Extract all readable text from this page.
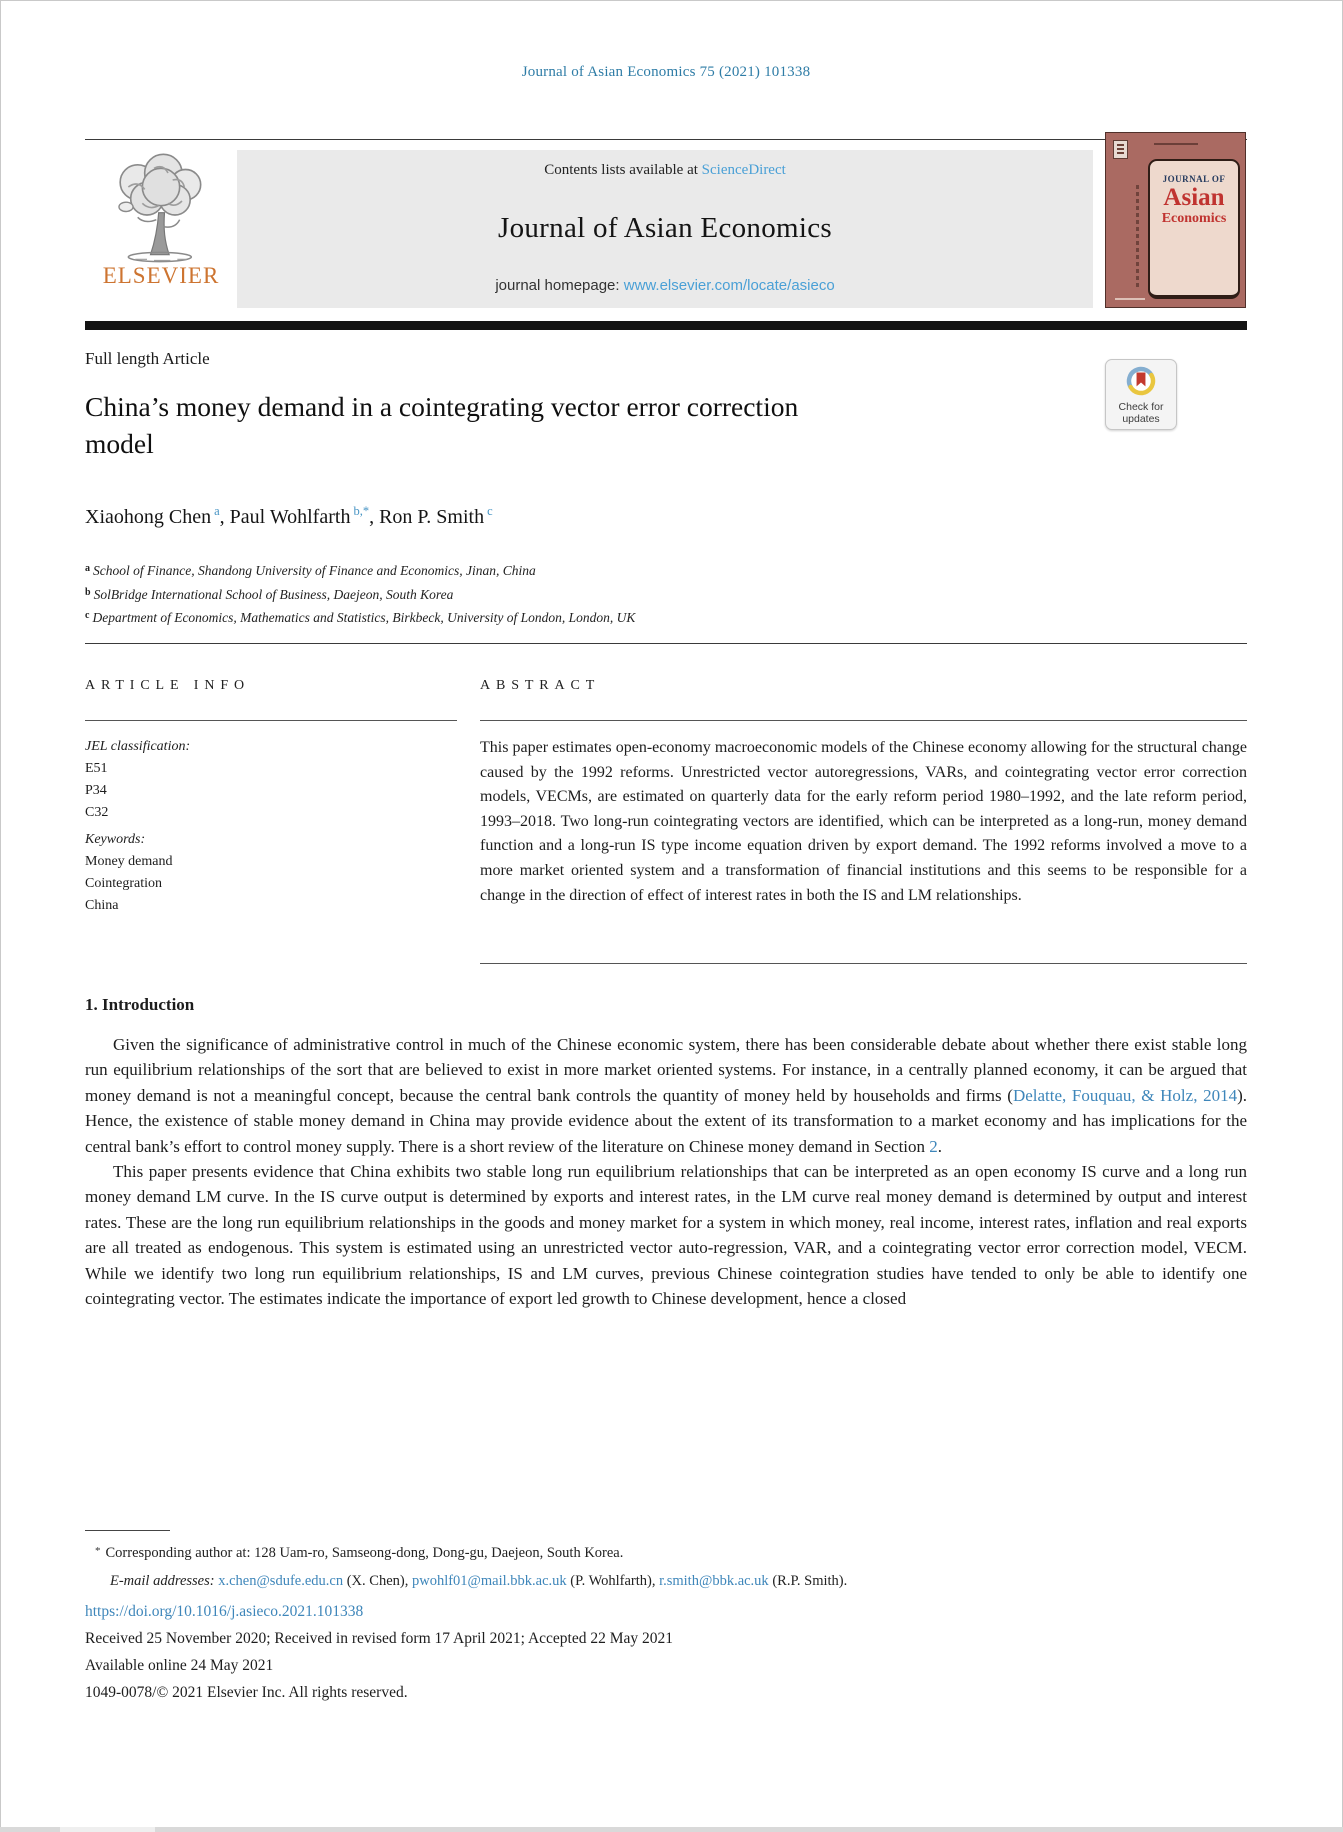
Journal of Asian Economics 75 (2021) 101338
ELSEVIER
Contents lists available at ScienceDirect
Journal of Asian Economics
journal homepage: www.elsevier.com/locate/asieco
JOURNAL OF
Asian
Economics
Full length Article
Check for
updates
China’s money demand in a cointegrating vector error correction model
Xiaohong Chen $^a$, Paul Wohlfarth $^{b,*}$, Ron P. Smith $^c$
$^a$ School of Finance, Shandong University of Finance and Economics, Jinan, China
$^b$ SolBridge International School of Business, Daejeon, South Korea
$^c$ Department of Economics, Mathematics and Statistics, Birkbeck, University of London, London, UK
ARTICLE INFO	ABSTRACT
JEL classification:
E51
P34
C32
Keywords:
Money demand
Cointegration
China
This paper estimates open-economy macroeconomic models of the Chinese economy allowing for the structural change caused by the 1992 reforms. Unrestricted vector autoregressions, VARs, and cointegrating vector error correction models, VECMs, are estimated on quarterly data for the early reform period 1980–1992, and the late reform period, 1993–2018. Two long-run cointegrating vectors are identified, which can be interpreted as a long-run, money demand function and a long-run IS type income equation driven by export demand. The 1992 reforms involved a move to a more market oriented system and a transformation of financial institutions and this seems to be responsible for a change in the direction of effect of interest rates in both the IS and LM relationships.
1. Introduction

Given the significance of administrative control in much of the Chinese economic system, there has been considerable debate about whether there exist stable long run equilibrium relationships of the sort that are believed to exist in more market oriented systems. For instance, in a centrally planned economy, it can be argued that money demand is not a meaningful concept, because the central bank controls the quantity of money held by households and firms (Delatte, Fouquau, & Holz, 2014). Hence, the existence of stable money demand in China may provide evidence about the extent of its transformation to a market economy and has implications for the central bank’s effort to control money supply. There is a short review of the literature on Chinese money demand in Section 2.

This paper presents evidence that China exhibits two stable long run equilibrium relationships that can be interpreted as an open economy IS curve and a long run money demand LM curve. In the IS curve output is determined by exports and interest rates, in the LM curve real money demand is determined by output and interest rates. These are the long run equilibrium relationships in the goods and money market for a system in which money, real income, interest rates, inflation and real exports are all treated as endogenous. This system is estimated using an unrestricted vector auto-regression, VAR, and a cointegrating vector error correction model, VECM. While we identify two long run equilibrium relationships, IS and LM curves, previous Chinese cointegration studies have tended to only be able to identify one cointegrating vector. The estimates indicate the importance of export led growth to Chinese development, hence a closed

* Corresponding author at: 128 Uam-ro, Samseong-dong, Dong-gu, Daejeon, South Korea.
E-mail addresses: x.chen@sdufe.edu.cn (X. Chen), pwohlf01@mail.bbk.ac.uk (P. Wohlfarth), r.smith@bbk.ac.uk (R.P. Smith).
https://doi.org/10.1016/j.asieco.2021.101338
Received 25 November 2020; Received in revised form 17 April 2021; Accepted 22 May 2021
Available online 24 May 2021
1049-0078/© 2021 Elsevier Inc. All rights reserved.
